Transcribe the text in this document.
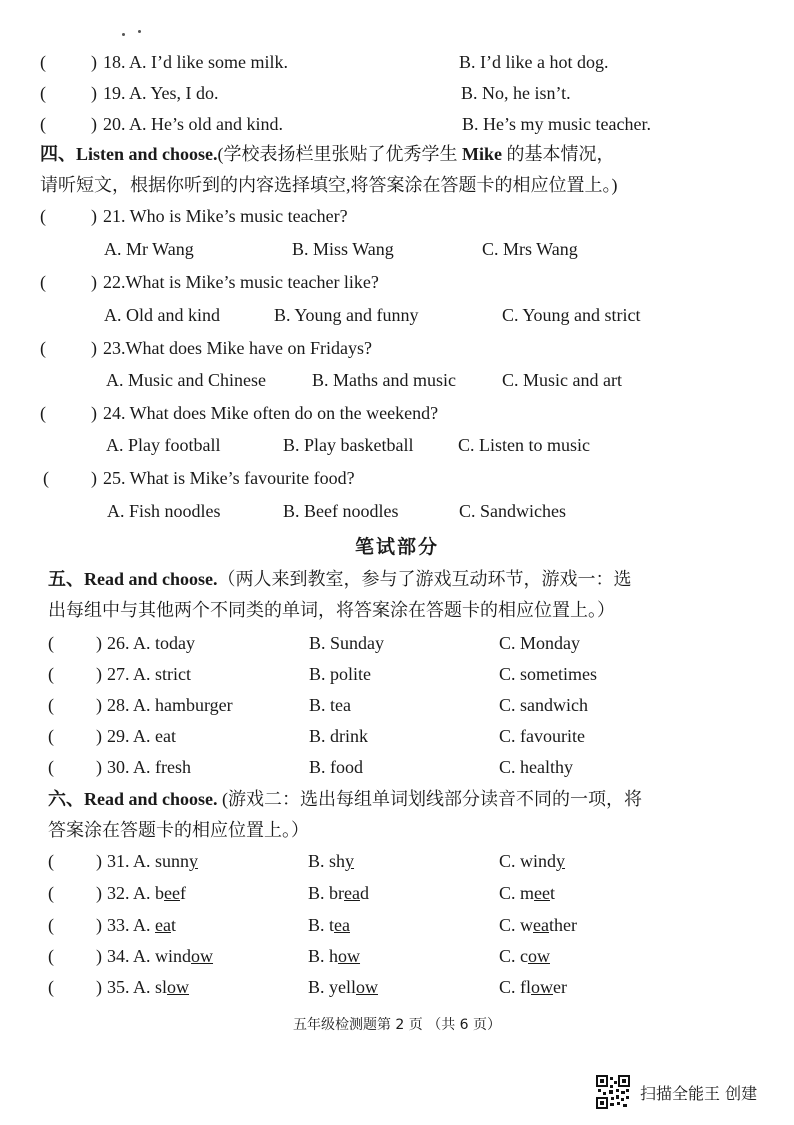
(	) 18. A. I’d like some milk.	B. I’d like a hot dog.
(	) 19. A. Yes, I do.	B. No, he isn’t.
(	) 20. A. He’s old and kind.	B. He’s my music teacher.
四、Listen and choose.(学校表扬栏里张贴了优秀学生 Mike 的基本情况，
请听短文，根据你听到的内容选择填空,将答案涂在答题卡的相应位置上。)
(	) 21. Who is Mike’s music teacher?
A. Mr Wang	B. Miss Wang	C. Mrs Wang
(	) 22.What is Mike’s music teacher like?
A. Old and kind	B. Young and funny	C. Young and strict
(	) 23.What does Mike have on Fridays?
A. Music and Chinese	B. Maths and music	C. Music and art
(	) 24. What does Mike often do on the weekend?
A. Play football	B. Play basketball C. Listen to music
( ) 25. What is Mike’s favourite food?
A. Fish noodles	B. Beef noodles	C. Sandwiches
笔试部分
五、Read and choose.（两人来到教室，参与了游戏互动环节，游戏一：选
出每组中与其他两个不同类的单词，将答案涂在答题卡的相应位置上。）
( ) 26. A. today	B. Sunday	C. Monday
( ) 27. A. strict	B. polite	C. sometimes
( ) 28. A. hamburger	B. tea	C. sandwich
( ) 29. A. eat	B. drink	C. favourite
( ) 30. A. fresh	B. food	C. healthy
六、Read and choose. (游戏二：选出每组单词划线部分读音不同的一项，将
答案涂在答题卡的相应位置上。）
( ) 31. A. sunny	B. shy	C. windy
( ) 32. A. beef	B. bread	C. meet
( ) 33. A. eat	B. tea	C. weather
( ) 34. A. window	B. how	C. cow
( ) 35. A. slow	B. yellow	C. flower
五年级检测题第 2 页 （共 6 页）
扫描全能王 创建
